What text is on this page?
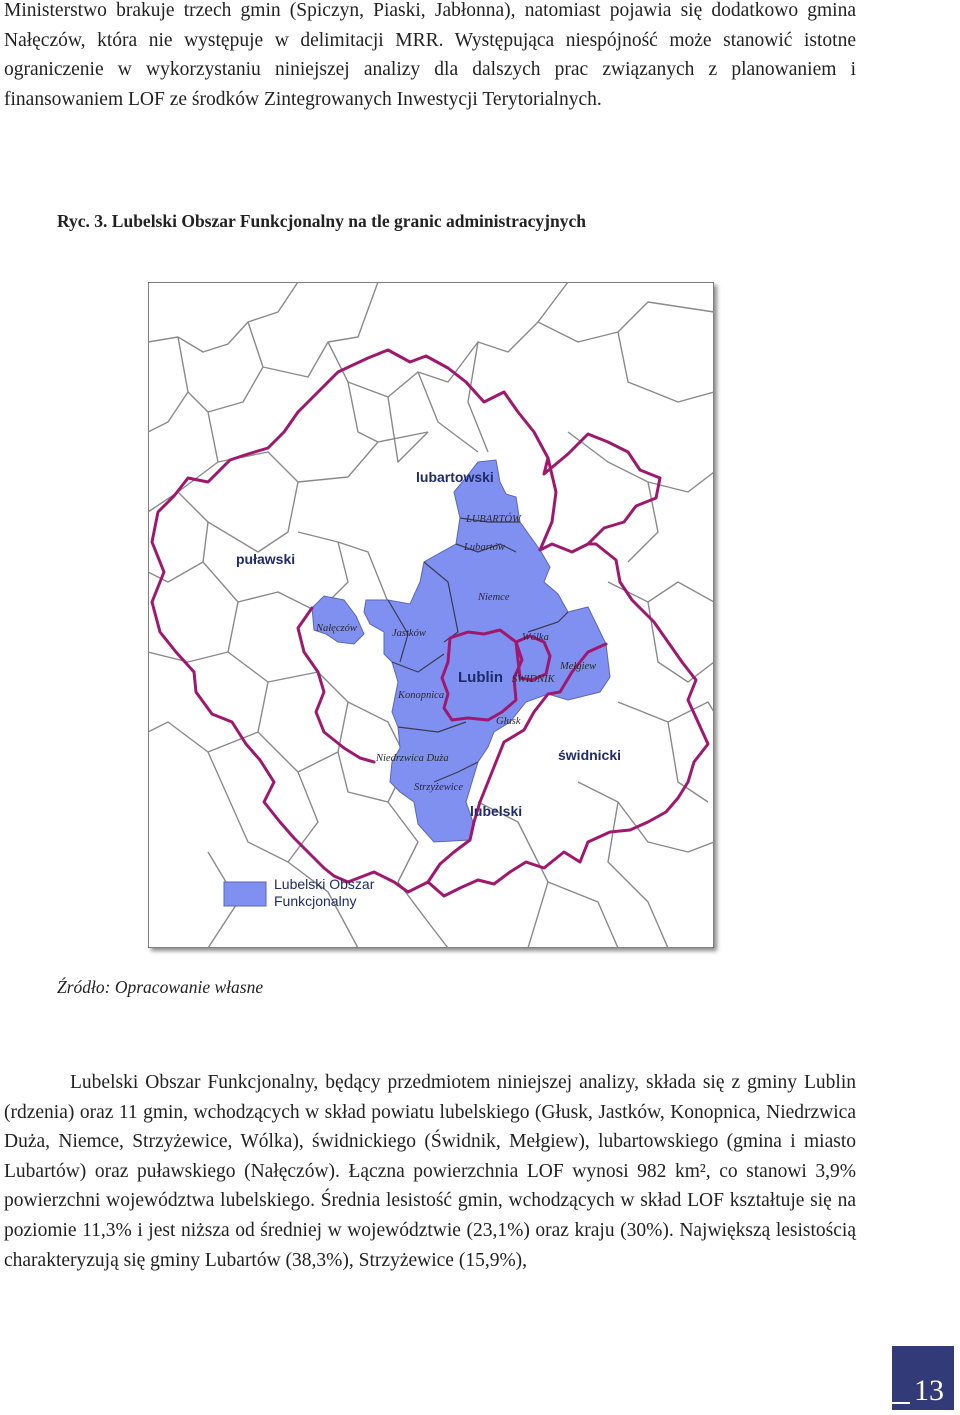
Ministerstwo brakuje trzech gmin (Spiczyn, Piaski, Jabłonna), natomiast pojawia się dodatkowo gmina Nałęczów, która nie występuje w delimitacji MRR. Występująca niespójność może stanowić istotne ograniczenie w wykorzystaniu niniejszej analizy dla dalszych prac związanych z planowaniem i finansowaniem LOF ze środków Zintegrowanych Inwestycji Terytorialnych.

Ryc. 3. Lubelski Obszar Funkcjonalny na tle granic administracyjnych

lubartowski
puławski
świdnicki
lubelski
Lublin
LUBARTÓW
Lubartów
Niemce
Nałęczów	Jastków	Wólka
Mełgiew
ŚWIDNIK
Konopnica
Głusk
Niedrzwica Duża
Strzyżewice
Lubelski Obszar
Funkcjonalny

Źródło: Opracowanie własne

Lubelski Obszar Funkcjonalny, będący przedmiotem niniejszej analizy, składa się z gminy Lublin (rdzenia) oraz 11 gmin, wchodzących w skład powiatu lubelskiego (Głusk, Jastków, Konopnica, Niedrzwica Duża, Niemce, Strzyżewice, Wólka), świdnickiego (Świdnik, Mełgiew), lubartowskiego (gmina i miasto Lubartów) oraz puławskiego (Nałęczów). Łączna powierzchnia LOF wynosi 982 km², co stanowi 3,9% powierzchni województwa lubelskiego. Średnia lesistość gmin, wchodzących w skład LOF kształtuje się na poziomie 11,3% i jest niższa od średniej w województwie (23,1%) oraz kraju (30%). Największą lesistością charakteryzują się gminy Lubartów (38,3%), Strzyżewice (15,9%),

13
